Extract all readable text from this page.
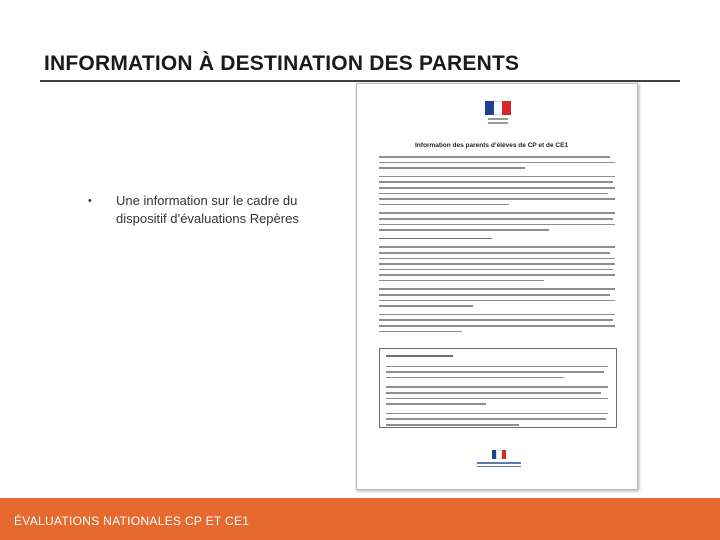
INFORMATION À DESTINATION DES PARENTS
• Une information sur le cadre du dispositif d’évaluations Repères
Information des parents d’élèves de CP et de CE1
ÉVALUATIONS NATIONALES CP ET CE1
